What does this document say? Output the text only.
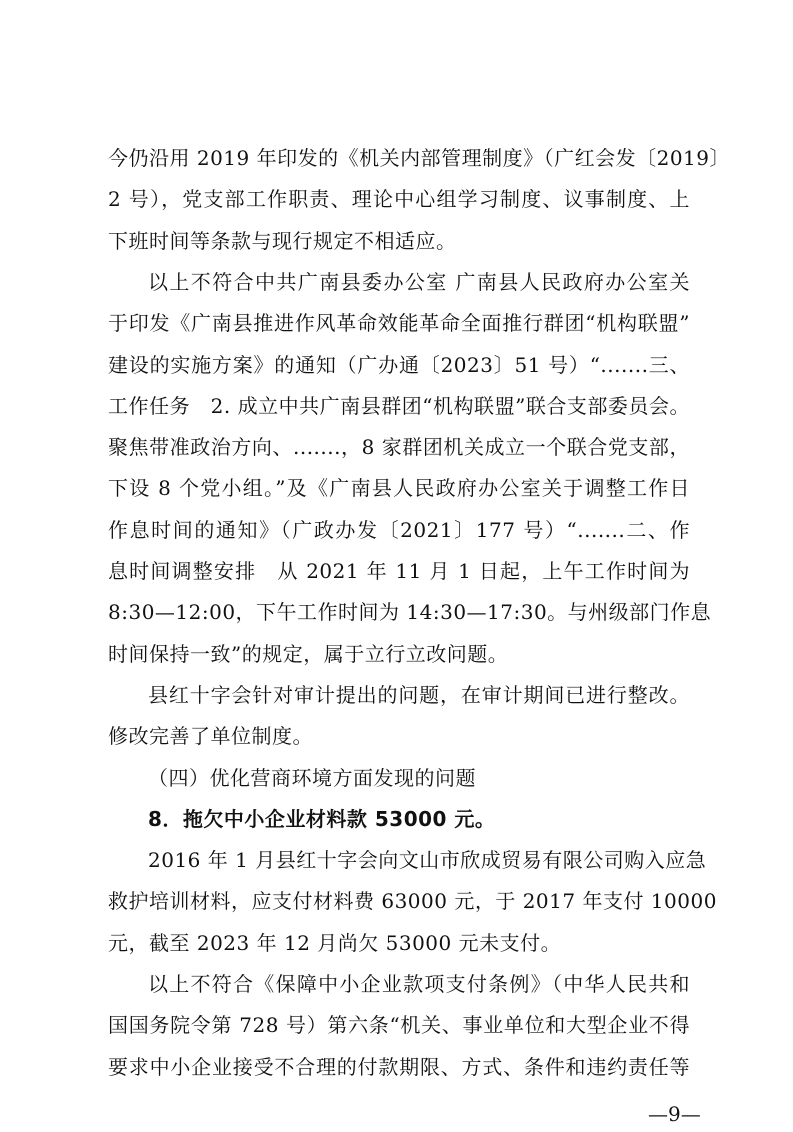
今仍沿用 2019 年印发的《机关内部管理制度》（广红会发〔2019〕
2 号），党支部工作职责、理论中心组学习制度、议事制度、上
下班时间等条款与现行规定不相适应。
以上不符合中共广南县委办公室 广南县人民政府办公室关
于印发《广南县推进作风革命效能革命全面推行群团“机构联盟”
建设的实施方案》的通知（广办通〔2023〕51 号）“.......三、
工作任务　2. 成立中共广南县群团“机构联盟”联合支部委员会。
聚焦带准政治方向、.......，8 家群团机关成立一个联合党支部，
下设 8 个党小组。”及《广南县人民政府办公室关于调整工作日
作息时间的通知》（广政办发〔2021〕177 号）“.......二、作
息时间调整安排　从 2021 年 11 月 1 日起，上午工作时间为
8:30—12:00，下午工作时间为 14:30—17:30。与州级部门作息
时间保持一致”的规定，属于立行立改问题。
县红十字会针对审计提出的问题，在审计期间已进行整改。
修改完善了单位制度。
（四）优化营商环境方面发现的问题
8．拖欠中小企业材料款 53000 元。
2016 年 1 月县红十字会向文山市欣成贸易有限公司购入应急
救护培训材料，应支付材料费 63000 元，于 2017 年支付 10000
元，截至 2023 年 12 月尚欠 53000 元未支付。
以上不符合《保障中小企业款项支付条例》（中华人民共和
国国务院令第 728 号）第六条“机关、事业单位和大型企业不得
要求中小企业接受不合理的付款期限、方式、条件和违约责任等
—9—
